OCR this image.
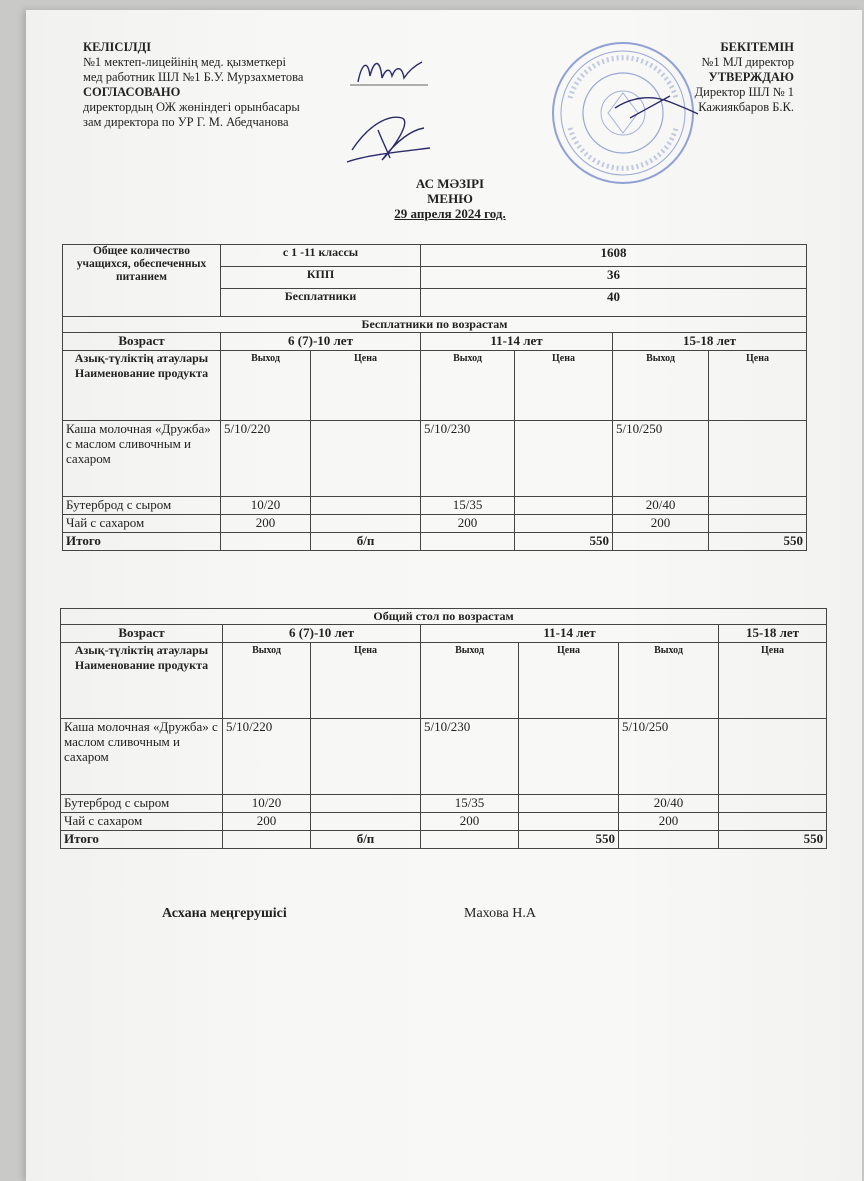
КЕЛІСІЛДІ
№1 мектеп-лицейінің мед. қызметкері
мед работник ШЛ №1 Б.У. Мурзахметова
СОГЛАСОВАНО
директордың ОЖ жөніндегі орынбасары
зам директора по УР Г. М. Абедчанова
БЕКІТЕМІН
№1 МЛ директор
УТВЕРЖДАЮ
Директор ШЛ № 1
Кажиякбаров Б.К.
АС МӘЗІРІ
МЕНЮ
29 апреля 2024 год.
Общее количество учащихся, обеспеченных питанием	с 1 -11 классы		1608			
	КПП		36			
	Бесплатники		40			
Бесплатники по возрастам						
Возраст	6 (7)-10 лет		11-14 лет		15-18 лет	
Азық-түліктің атаулары Наименование продукта	Выход	Цена	Выход	Цена	Выход	Цена
Каша молочная «Дружба» с маслом сливочным и сахаром	5/10/220		5/10/230		5/10/250	
Бутерброд с сыром	10/20		15/35		20/40	
Чай с сахаром	200		200		200	
Итого		б/п		550		550
Общий стол по возрастам						
Возраст	6 (7)-10 лет		11-14 лет			15-18 лет
Азық-түліктің атаулары Наименование продукта	Выход	Цена	Выход	Цена	Выход	Цена
Каша молочная «Дружба» с маслом сливочным и сахаром	5/10/220		5/10/230		5/10/250	
Бутерброд с сыром	10/20		15/35		20/40	
Чай с сахаром	200		200		200	
Итого		б/п		550		550
Асхана меңгерушісі	Махова Н.А
